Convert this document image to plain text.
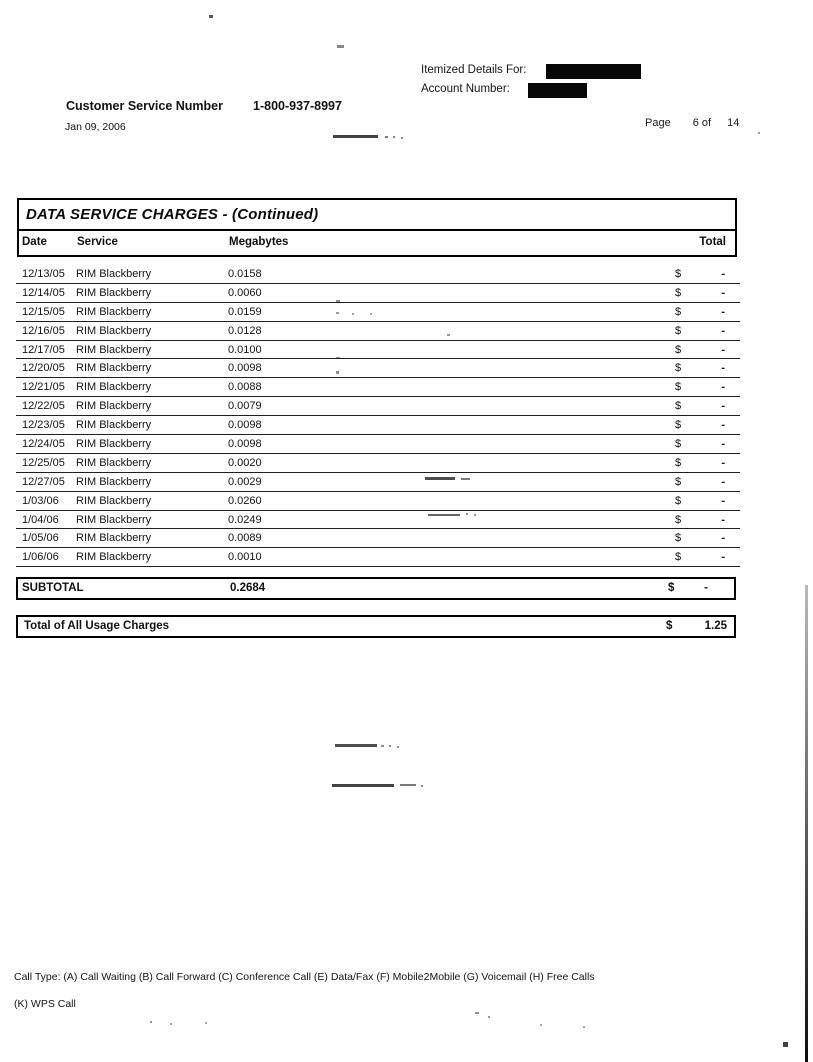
Itemized Details For:
Account Number:
Customer Service Number 1-800-937-8997
Jan 09, 2006	Page 6 of 14
DATA SERVICE CHARGES - (Continued)
Date	Service	Megabytes	Total
12/13/05 RIM Blackberry	0.0158	$	-
12/14/05 RIM Blackberry	0.0060	$	-
12/15/05 RIM Blackberry	0.0159	$	-
12/16/05 RIM Blackberry	0.0128	$	-
12/17/05 RIM Blackberry	0.0100	$	-
12/20/05 RIM Blackberry	0.0098	$	-
12/21/05 RIM Blackberry	0.0088	$	-
12/22/05 RIM Blackberry	0.0079	$	-
12/23/05 RIM Blackberry	0.0098	$	-
12/24/05 RIM Blackberry	0.0098	$	-
12/25/05 RIM Blackberry	0.0020	$	-
12/27/05 RIM Blackberry	0.0029	$	-
1/03/06 RIM Blackberry	0.0260	$	-
1/04/06 RIM Blackberry	0.0249	$	-
1/05/06 RIM Blackberry	0.0089	$	-
1/06/06 RIM Blackberry	0.0010	$	-
SUBTOTAL	0.2684	$	-
Total of All Usage Charges	$	1.25
Call Type: (A) Call Waiting (B) Call Forward (C) Conference Call (E) Data/Fax (F) Mobile2Mobile (G) Voicemail (H) Free Calls
(K) WPS Call
